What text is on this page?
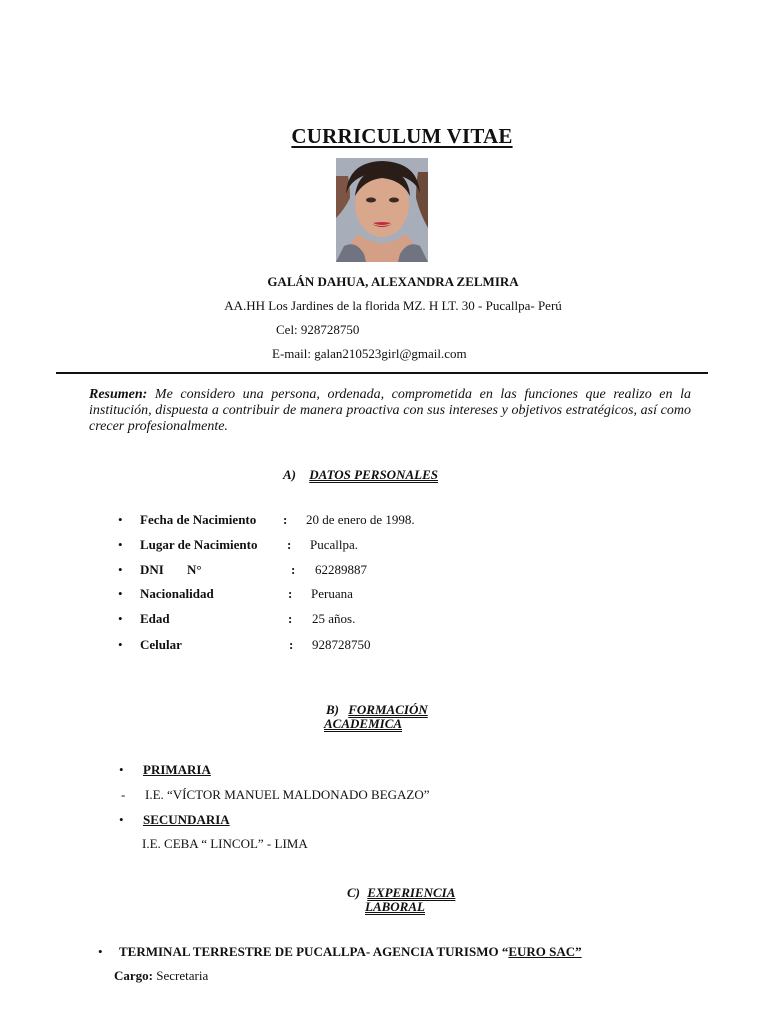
CURRICULUM VITAE
GALÁN DAHUA, ALEXANDRA ZELMIRA
AA.HH Los Jardines de la florida MZ. H LT. 30 - Pucallpa- Perú
Cel: 928728750
E-mail: galan210523girl@gmail.com
Resumen: Me considero una persona, ordenada, comprometida en las funciones que realizo en la institución, dispuesta a contribuir de manera proactiva con sus intereses y objetivos estratégicos, así como crecer profesionalmente.
A) DATOS PERSONALES
• Fecha de Nacimiento : 20 de enero de 1998.
• Lugar de Nacimiento : Pucallpa.
• DNI N°	: 62289887
• Nacionalidad	: Peruana
• Edad	: 25 años.
• Celular	: 928728750
B) FORMACIÓN
ACADEMICA
• PRIMARIA
- I.E. “VÍCTOR MANUEL MALDONADO BEGAZO”
• SECUNDARIA
I.E. CEBA “ LINCOL” - LIMA
C) EXPERIENCIA
LABORAL
• TERMINAL TERRESTRE DE PUCALLPA- AGENCIA TURISMO “EURO SAC”
Cargo: Secretaria
